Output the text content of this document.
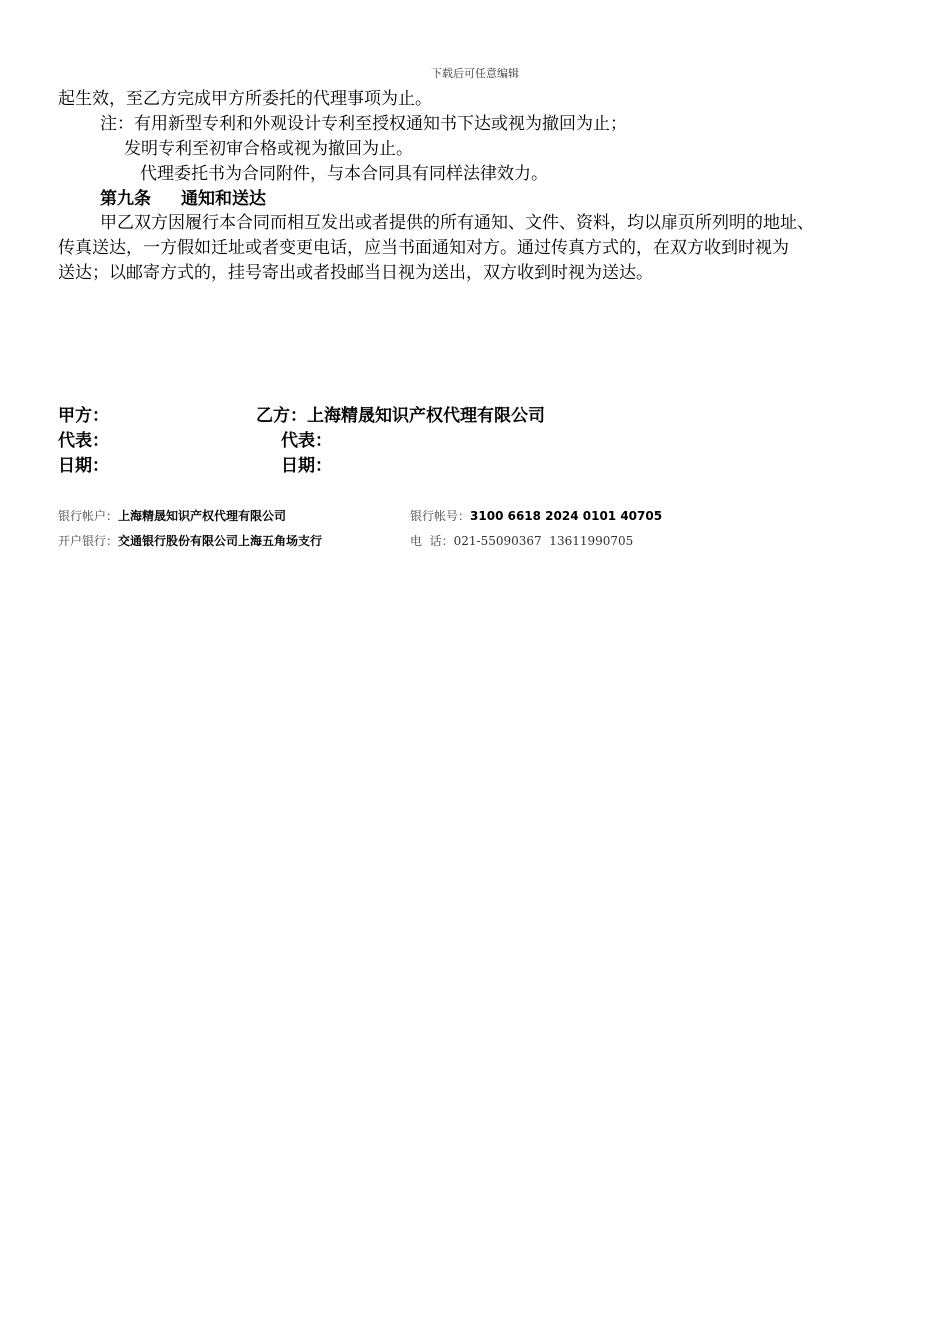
下载后可任意编辑
起生效，至乙方完成甲方所委托的代理事项为止。
注：有用新型专利和外观设计专利至授权通知书下达或视为撤回为止；
发明专利至初审合格或视为撤回为止。
代理委托书为合同附件，与本合同具有同样法律效力。
第九条 通知和送达
甲乙双方因履行本合同而相互发出或者提供的所有通知、文件、资料，均以扉页所列明的地址、
传真送达，一方假如迁址或者变更电话，应当书面通知对方。通过传真方式的，在双方收到时视为
送达；以邮寄方式的，挂号寄出或者投邮当日视为送出，双方收到时视为送达。
甲方：	乙方：上海精晟知识产权代理有限公司
代表：	代表：
日期：	日期：
银行帐户：上海精晟知识产权代理有限公司	银行帐号：3100 6618 2024 0101 40705
开户银行：交通银行股份有限公司上海五角场支行	电  话：021-55090367  13611990705
